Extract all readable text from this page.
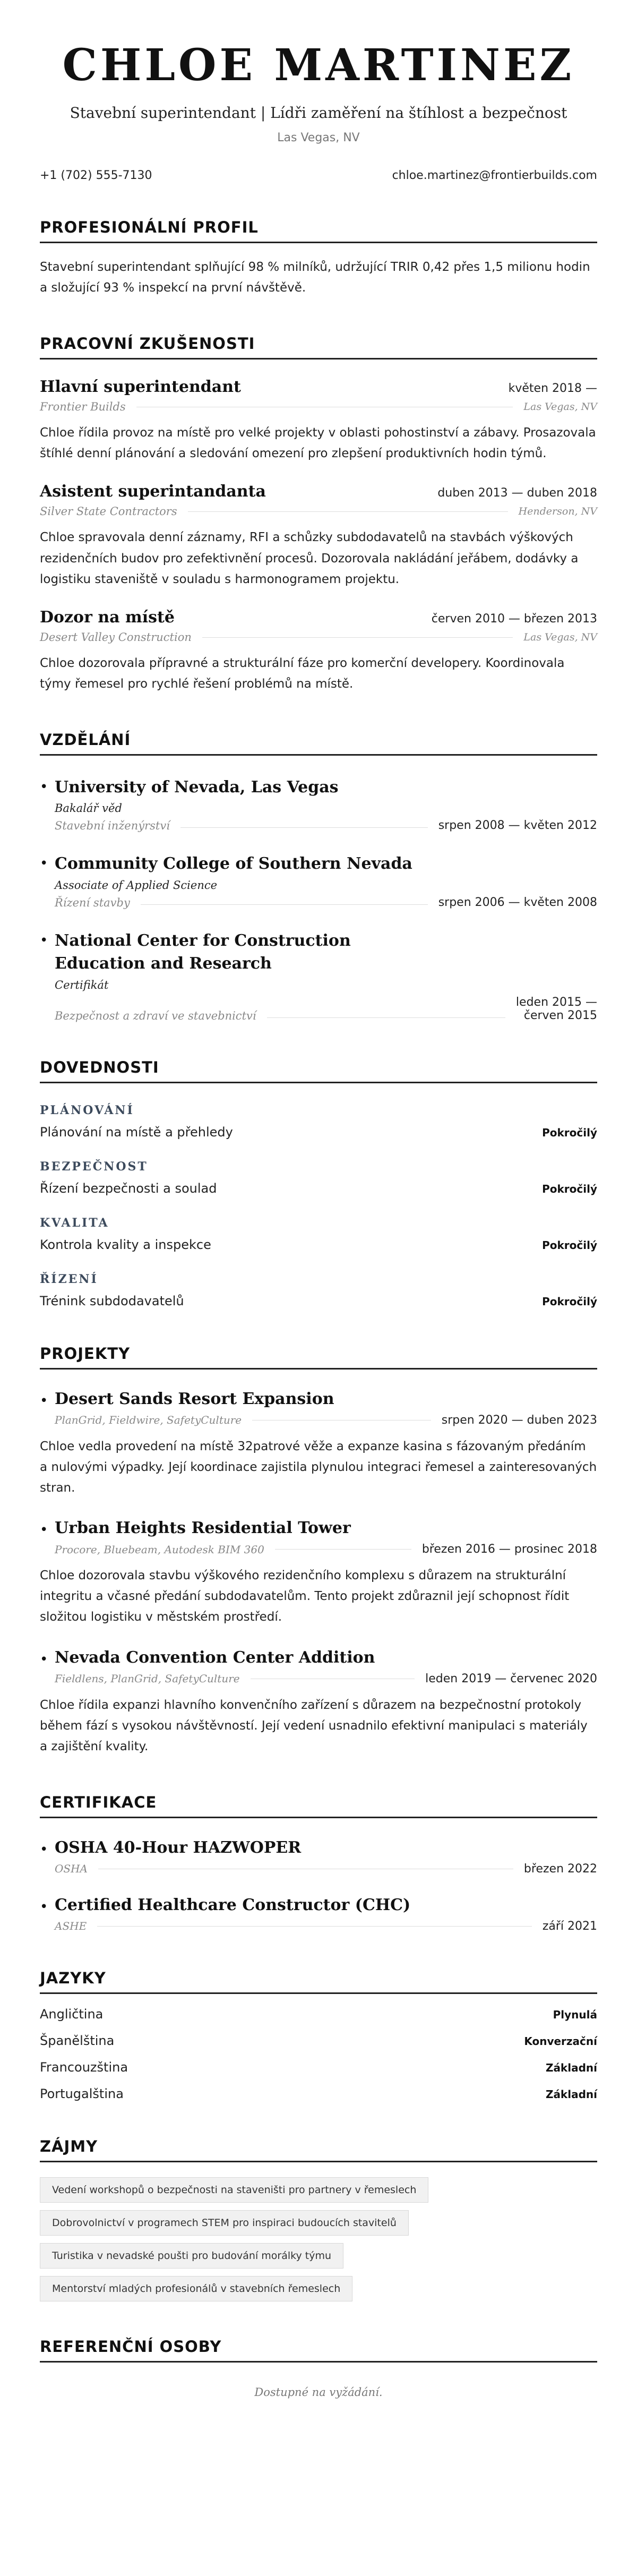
CHLOE MARTINEZ
Stavební superintendant | Lídři zaměření na štíhlost a bezpečnost
Las Vegas, NV
+1 (702) 555-7130	chloe.martinez@frontierbuilds.com
PROFESIONÁLNÍ PROFIL

Stavební superintendant splňující 98 % milníků, udržující TRIR 0,42 přes 1,5 milionu hodin a složující 93 % inspekcí na první návštěvě.

PRACOVNÍ ZKUŠENOSTI
Hlavní superintendant	květen 2018 —
Frontier Builds	Las Vegas, NV

Chloe řídila provoz na místě pro velké projekty v oblasti pohostinství a zábavy. Prosazovala štíhlé denní plánování a sledování omezení pro zlepšení produktivních hodin týmů.

Asistent superintandanta	duben 2013 — duben 2018
Silver State Contractors	Henderson, NV

Chloe spravovala denní záznamy, RFI a schůzky subdodavatelů na stavbách výškových rezidenčních budov pro zefektivnění procesů. Dozorovala nakládání jeřábem, dodávky a logistiku staveniště v souladu s harmonogramem projektu.

Dozor na místě	červen 2010 — březen 2013
Desert Valley Construction	Las Vegas, NV

Chloe dozorovala přípravné a strukturální fáze pro komerční developery. Koordinovala týmy řemesel pro rychlé řešení problémů na místě.

VZDĚLÁNÍ
• University of Nevada, Las Vegas
Bakalář věd
Stavební inženýrství	srpen 2008 — květen 2012
• Community College of Southern Nevada
Associate of Applied Science
Řízení stavby	srpen 2006 — květen 2008
• National Center for Construction Education and Research
Certifikát
Bezpečnost a zdraví ve stavebnictví
leden 2015 —
červen 2015
DOVEDNOSTI
PLÁNOVÁNÍ
Plánování na místě a přehledy	Pokročilý
BEZPEČNOST
Řízení bezpečnosti a soulad	Pokročilý
KVALITA
Kontrola kvality a inspekce	Pokročilý
ŘÍZENÍ
Trénink subdodavatelů	Pokročilý
PROJEKTY
• Desert Sands Resort Expansion
PlanGrid, Fieldwire, SafetyCulture	srpen 2020 — duben 2023

Chloe vedla provedení na místě 32patrové věže a expanze kasina s fázovaným předáním a nulovými výpadky. Její koordinace zajistila plynulou integraci řemesel a zainteresovaných stran.

• Urban Heights Residential Tower
Procore, Bluebeam, Autodesk BIM 360	březen 2016 — prosinec 2018

Chloe dozorovala stavbu výškového rezidenčního komplexu s důrazem na strukturální integritu a včasné předání subdodavatelům. Tento projekt zdůraznil její schopnost řídit složitou logistiku v městském prostředí.

• Nevada Convention Center Addition
Fieldlens, PlanGrid, SafetyCulture	leden 2019 — červenec 2020

Chloe řídila expanzi hlavního konvenčního zařízení s důrazem na bezpečnostní protokoly během fází s vysokou návštěvností. Její vedení usnadnilo efektivní manipulaci s materiály a zajištění kvality.

CERTIFIKACE
• OSHA 40-Hour HAZWOPER
OSHA	březen 2022
• Certified Healthcare Constructor (CHC)
ASHE	září 2021
JAZYKY
Angličtina	Plynulá
Španělština	Konverzační
Francouzština	Základní
Portugalština	Základní
ZÁJMY
Vedení workshopů o bezpečnosti na staveništi pro partnery v řemeslech
Dobrovolnictví v programech STEM pro inspiraci budoucích stavitelů
Turistika v nevadské poušti pro budování morálky týmu
Mentorství mladých profesionálů v stavebních řemeslech
REFERENČNÍ OSOBY
Dostupné na vyžádání.
